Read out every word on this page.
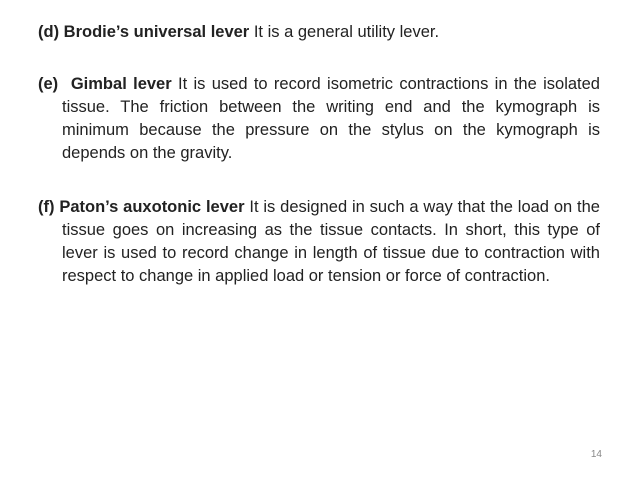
(d) Brodie’s universal lever It is a general utility lever.
(e) Gimbal lever It is used to record isometric contractions in the isolated tissue. The friction between the writing end and the kymograph is minimum because the pressure on the stylus on the kymograph is depends on the gravity.
(f) Paton’s auxotonic lever It is designed in such a way that the load on the tissue goes on increasing as the tissue contacts. In short, this type of lever is used to record change in length of tissue due to contraction with respect to change in applied load or tension or force of contraction.
14
